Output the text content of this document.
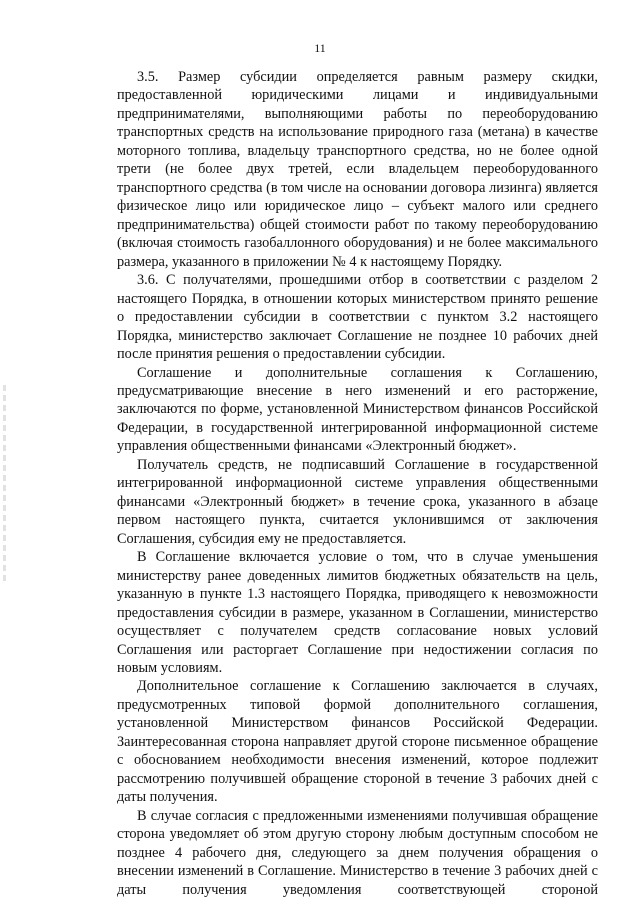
11

3.5. Размер субсидии определяется равным размеру скидки, предоставленной юридическими лицами и индивидуальными предпринимателями, выполняющими работы по переоборудованию транспортных средств на использование природного газа (метана) в качестве моторного топлива, владельцу транспортного средства, но не более одной трети (не более двух третей, если владельцем переоборудованного транспортного средства (в том числе на основании договора лизинга) является физическое лицо или юридическое лицо – субъект малого или среднего предпринимательства) общей стоимости работ по такому переоборудованию (включая стоимость газобаллонного оборудования) и не более максимального размера, указанного в приложении № 4 к настоящему Порядку.

3.6. С получателями, прошедшими отбор в соответствии с разделом 2 настоящего Порядка, в отношении которых министерством принято решение о предоставлении субсидии в соответствии с пунктом 3.2 настоящего Порядка, министерство заключает Соглашение не позднее 10 рабочих дней после принятия решения о предоставлении субсидии.

Соглашение и дополнительные соглашения к Соглашению, предусматривающие внесение в него изменений и его расторжение, заключаются по форме, установленной Министерством финансов Российской Федерации, в государственной интегрированной информационной системе управления общественными финансами «Электронный бюджет».

Получатель средств, не подписавший Соглашение в государственной интегрированной информационной системе управления общественными финансами «Электронный бюджет» в течение срока, указанного в абзаце первом настоящего пункта, считается уклонившимся от заключения Соглашения, субсидия ему не предоставляется.

В Соглашение включается условие о том, что в случае уменьшения министерству ранее доведенных лимитов бюджетных обязательств на цель, указанную в пункте 1.3 настоящего Порядка, приводящего к невозможности предоставления субсидии в размере, указанном в Соглашении, министерство осуществляет с получателем средств согласование новых условий Соглашения или расторгает Соглашение при недостижении согласия по новым условиям.

Дополнительное соглашение к Соглашению заключается в случаях, предусмотренных типовой формой дополнительного соглашения, установленной Министерством финансов Российской Федерации. Заинтересованная сторона направляет другой стороне письменное обращение с обоснованием необходимости внесения изменений, которое подлежит рассмотрению получившей обращение стороной в течение 3 рабочих дней с даты получения.

В случае согласия с предложенными изменениями получившая обращение сторона уведомляет об этом другую сторону любым доступным способом не позднее 4 рабочего дня, следующего за днем получения обращения о внесении изменений в Соглашение. Министерство в течение 3 рабочих дней с даты получения уведомления соответствующей стороной
